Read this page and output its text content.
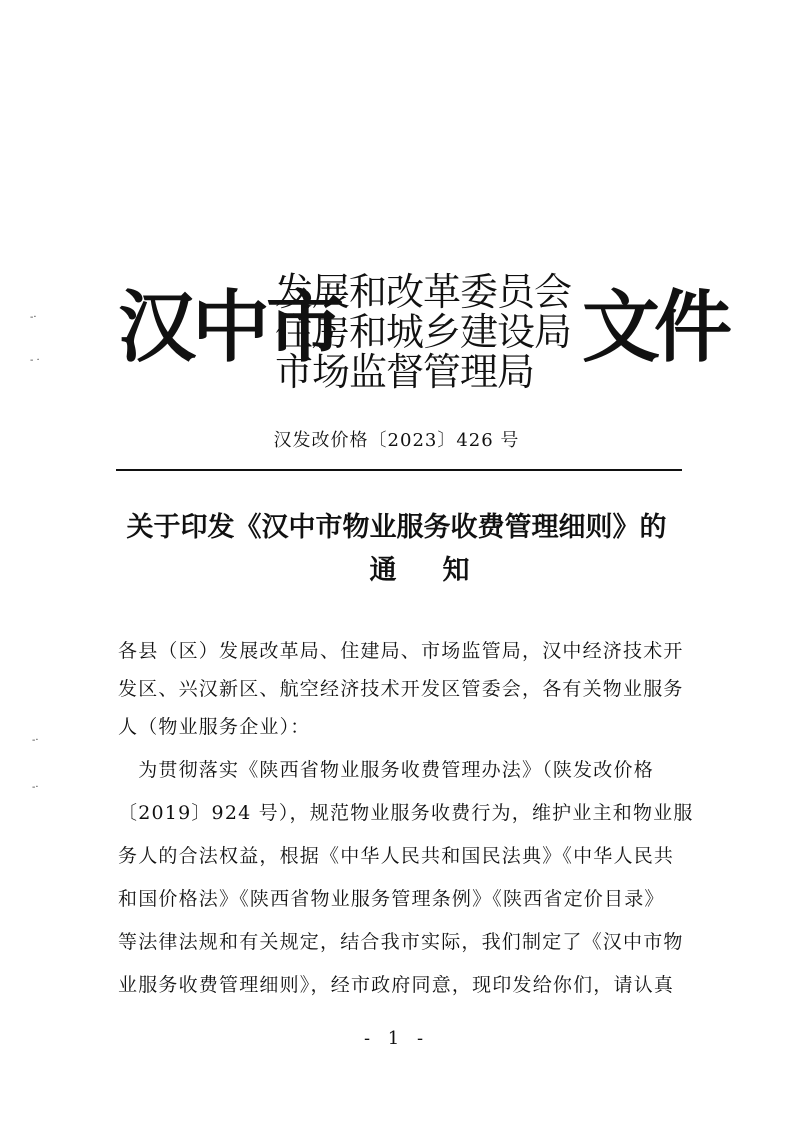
-·
- ·
-·
-·
汉中市
发展和改革委员会
住房和城乡建设局
市场监督管理局 文件
汉发改价格〔2023〕426 号
关于印发《汉中市物业服务收费管理细则》的
通知
各县（区）发展改革局、住建局、市场监管局，汉中经济技术开
发区、兴汉新区、航空经济技术开发区管委会，各有关物业服务
人（物业服务企业）：
　为贯彻落实《陕西省物业服务收费管理办法》（陕发改价格
〔2019〕924 号），规范物业服务收费行为，维护业主和物业服
务人的合法权益，根据《中华人民共和国民法典》《中华人民共
和国价格法》《陕西省物业服务管理条例》《陕西省定价目录》
等法律法规和有关规定，结合我市实际，我们制定了《汉中市物
业服务收费管理细则》，经市政府同意，现印发给你们，请认真
- 1 -
